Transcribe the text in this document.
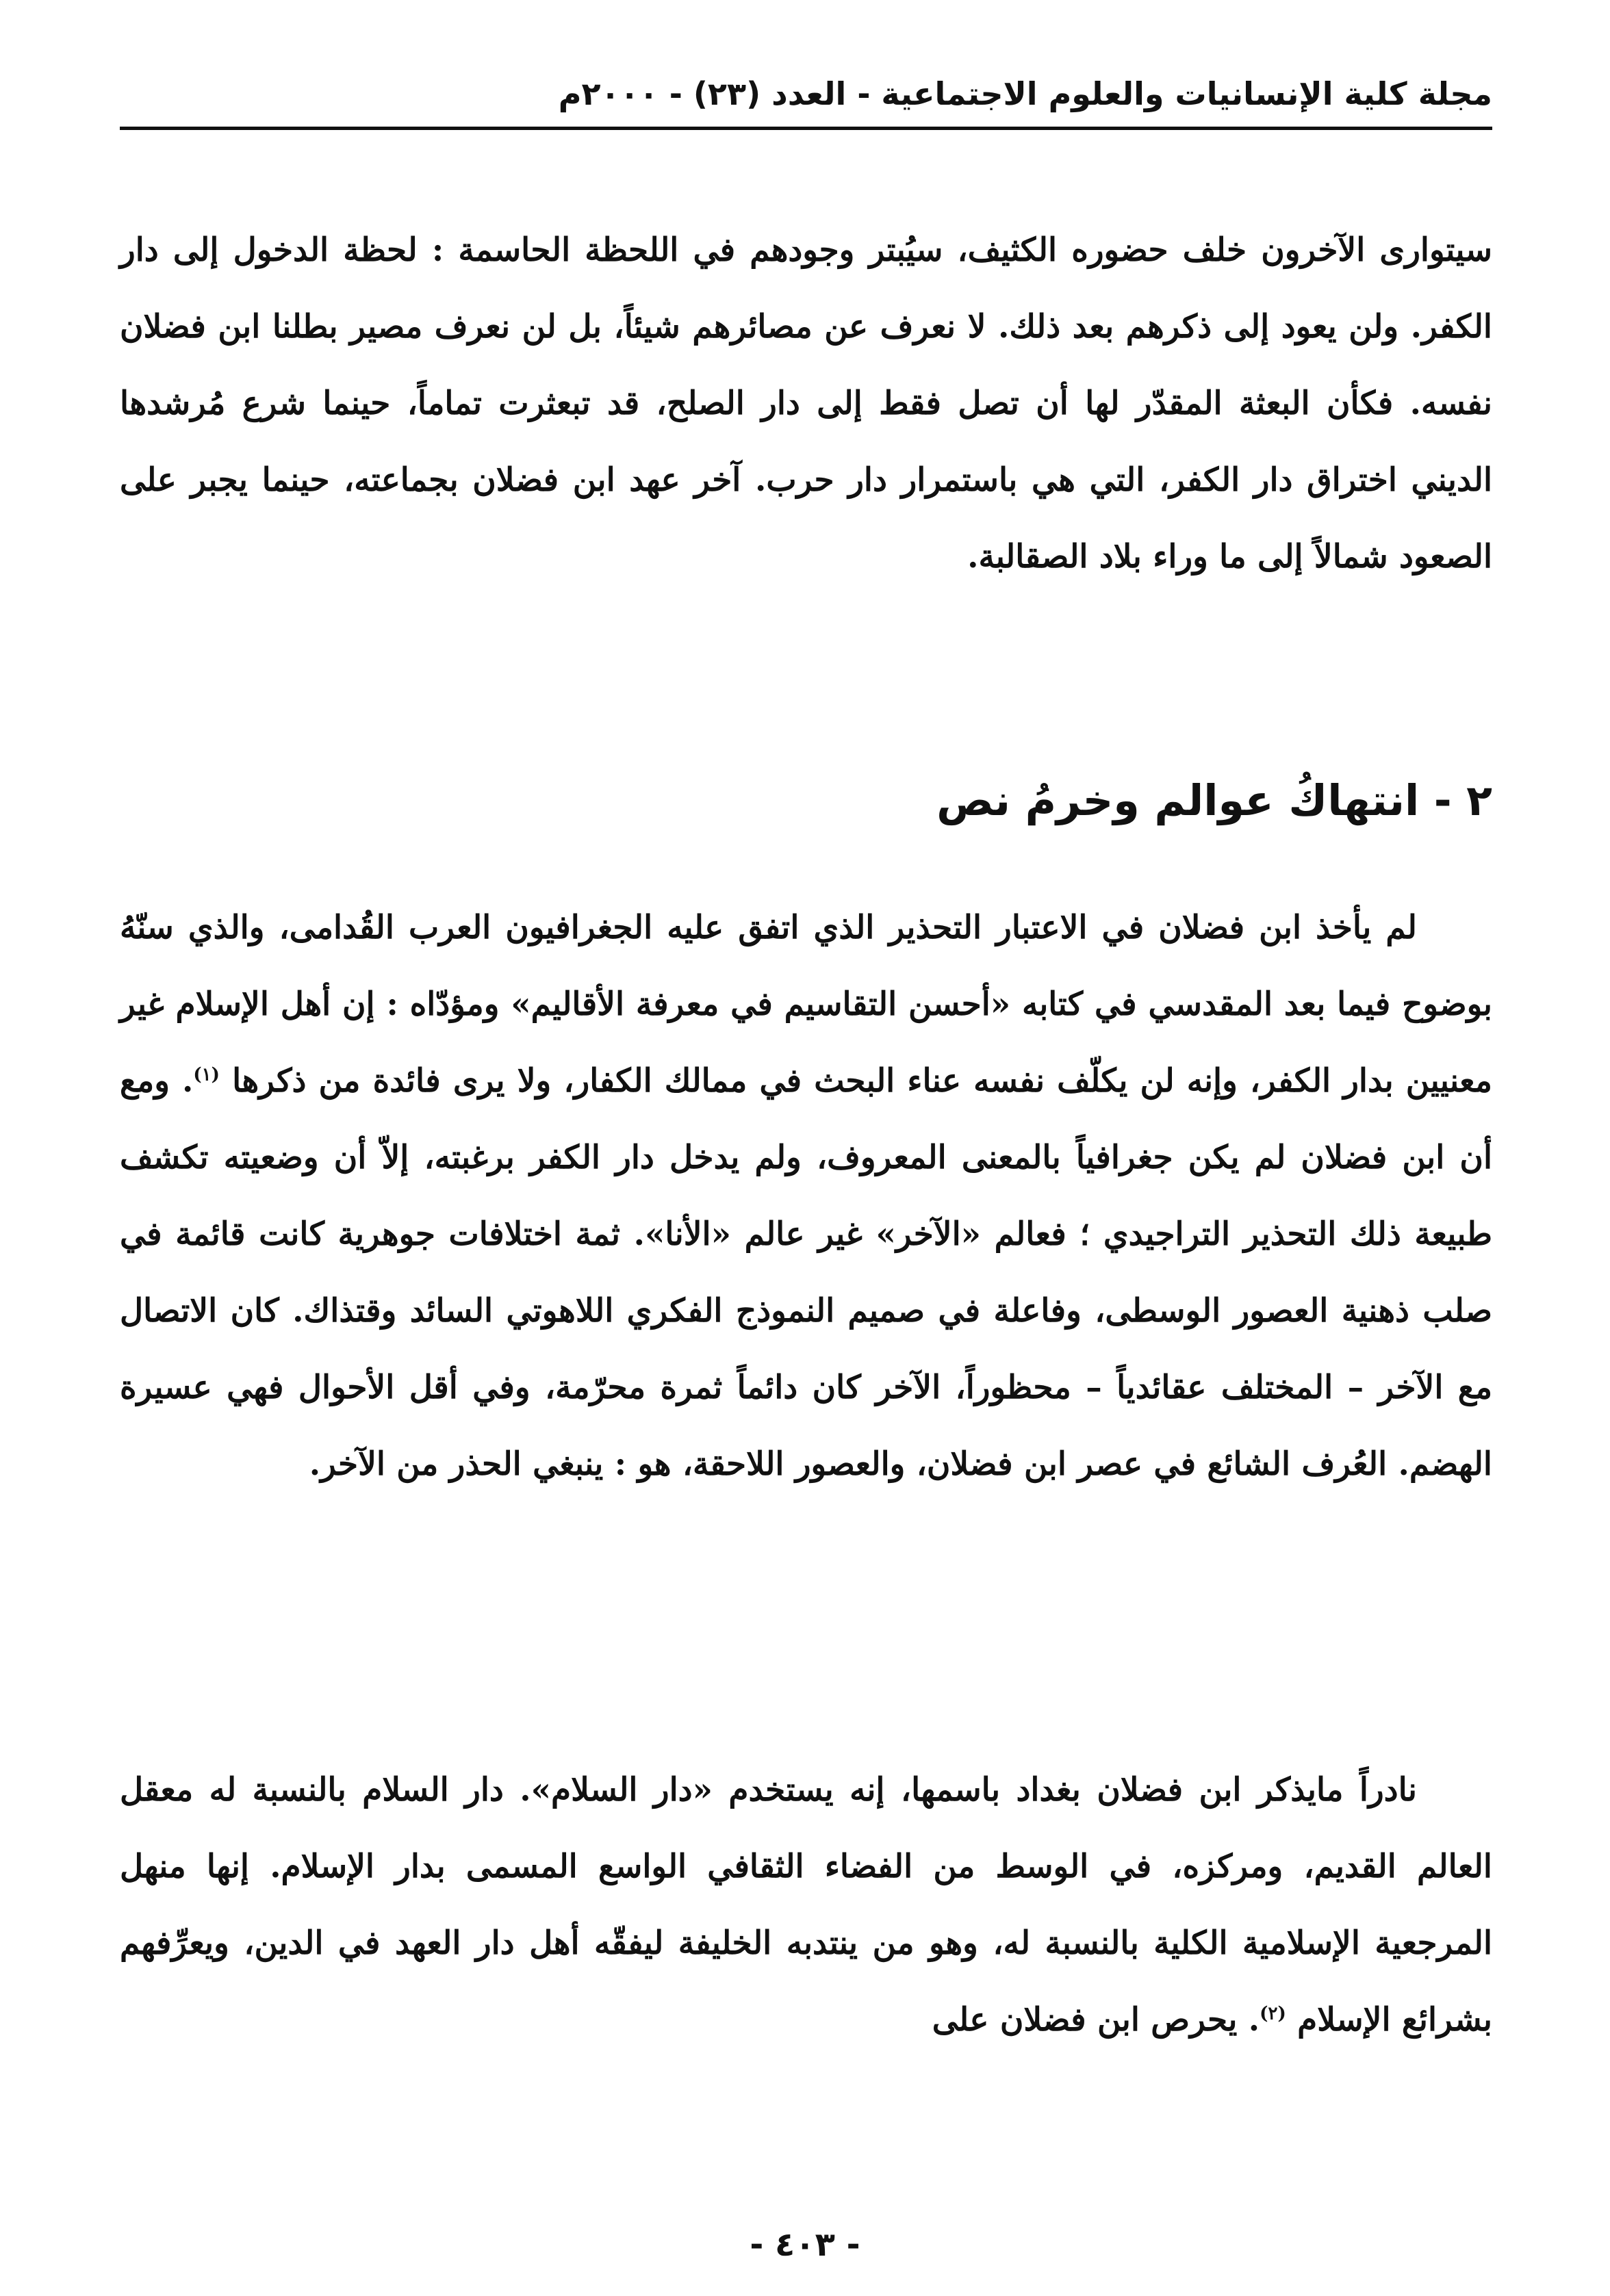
مجلة كلية الإنسانيات والعلوم الاجتماعية - العدد (٢٣) - ٢٠٠٠م

سيتوارى الآخرون خلف حضوره الكثيف، سيُبتر وجودهم في اللحظة الحاسمة : لحظة الدخول إلى دار الكفر. ولن يعود إلى ذكرهم بعد ذلك. لا نعرف عن مصائرهم شيئاً، بل لن نعرف مصير بطلنا ابن فضلان نفسه. فكأن البعثة المقدّر لها أن تصل فقط إلى دار الصلح، قد تبعثرت تماماً، حينما شرع مُرشدها الديني اختراق دار الكفر، التي هي باستمرار دار حرب. آخر عهد ابن فضلان بجماعته، حينما يجبر على الصعود شمالاً إلى ما وراء بلاد الصقالبة.

٢ - انتهاكُ عوالم وخرمُ نص

لم يأخذ ابن فضلان في الاعتبار التحذير الذي اتفق عليه الجغرافيون العرب القُدامى، والذي سنّهُ بوضوح فيما بعد المقدسي في كتابه «أحسن التقاسيم في معرفة الأقاليم» ومؤدّاه : إن أهل الإسلام غير معنيين بدار الكفر، وإنه لن يكلّف نفسه عناء البحث في ممالك الكفار، ولا يرى فائدة من ذكرها $^{(١)}$. ومع أن ابن فضلان لم يكن جغرافياً بالمعنى المعروف، ولم يدخل دار الكفر برغبته، إلاّ أن وضعيته تكشف طبيعة ذلك التحذير التراجيدي ؛ فعالم «الآخر» غير عالم «الأنا». ثمة اختلافات جوهرية كانت قائمة في صلب ذهنية العصور الوسطى، وفاعلة في صميم النموذج الفكري اللاهوتي السائد وقتذاك. كان الاتصال مع الآخر – المختلف عقائدياً – محظوراً، الآخر كان دائماً ثمرة محرّمة، وفي أقل الأحوال فهي عسيرة الهضم. العُرف الشائع في عصر ابن فضلان، والعصور اللاحقة، هو : ينبغي الحذر من الآخر.

نادراً مايذكر ابن فضلان بغداد باسمها، إنه يستخدم «دار السلام». دار السلام بالنسبة له معقل العالم القديم، ومركزه، في الوسط من الفضاء الثقافي الواسع المسمى بدار الإسلام. إنها منهل المرجعية الإسلامية الكلية بالنسبة له، وهو من ينتدبه الخليفة ليفقّه أهل دار العهد في الدين، ويعرِّفهم بشرائع الإسلام $^{(٢)}$. يحرص ابن فضلان على

- ٤٠٣ -
